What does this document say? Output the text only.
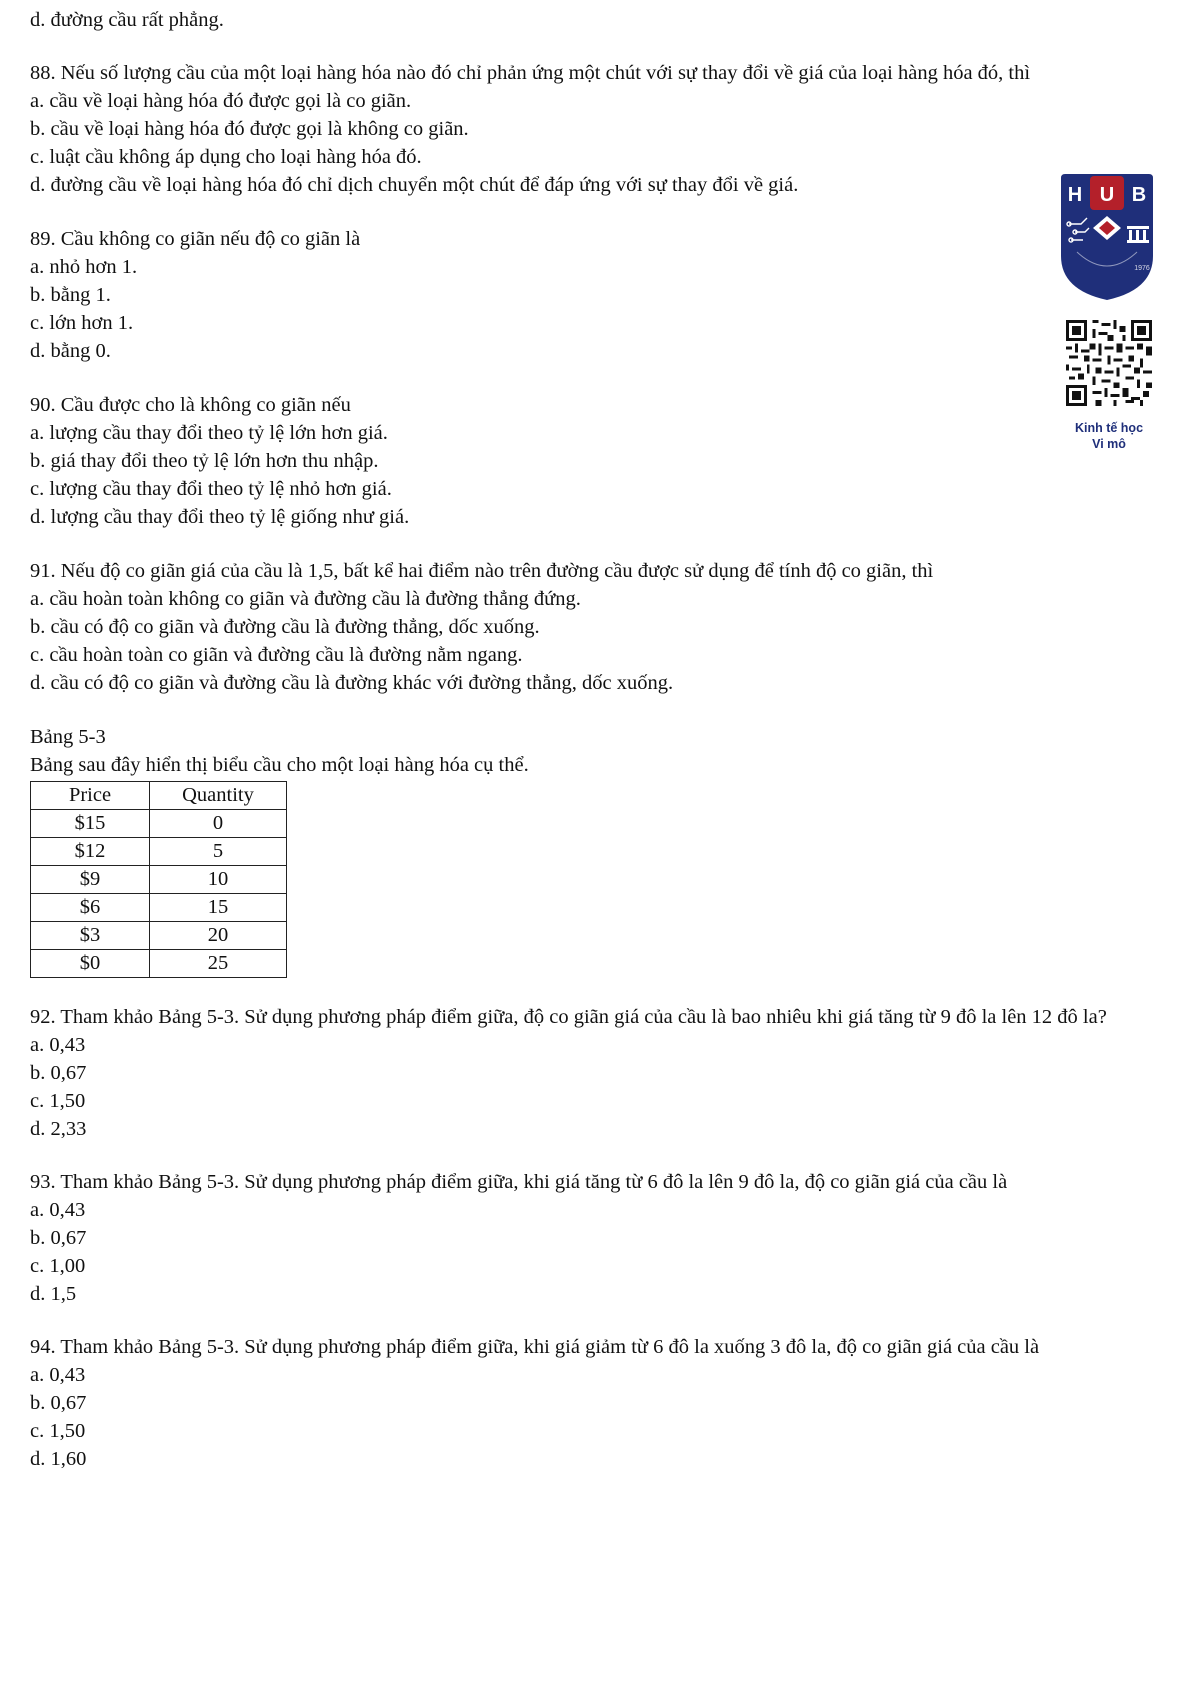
d. đường cầu rất phẳng.
88. Nếu số lượng cầu của một loại hàng hóa nào đó chỉ phản ứng một chút với sự thay đổi về giá của loại hàng hóa đó, thì
a. cầu về loại hàng hóa đó được gọi là co giãn.
b. cầu về loại hàng hóa đó được gọi là không co giãn.
c. luật cầu không áp dụng cho loại hàng hóa đó.
d. đường cầu về loại hàng hóa đó chỉ dịch chuyển một chút để đáp ứng với sự thay đổi về giá.
89. Cầu không co giãn nếu độ co giãn là
a. nhỏ hơn 1.
b. bằng 1.
c. lớn hơn 1.
d. bằng 0.
90. Cầu được cho là không co giãn nếu
a. lượng cầu thay đổi theo tỷ lệ lớn hơn giá.
b. giá thay đổi theo tỷ lệ lớn hơn thu nhập.
c. lượng cầu thay đổi theo tỷ lệ nhỏ hơn giá.
d. lượng cầu thay đổi theo tỷ lệ giống như giá.
91. Nếu độ co giãn giá của cầu là 1,5, bất kể hai điểm nào trên đường cầu được sử dụng để tính độ co giãn, thì
a. cầu hoàn toàn không co giãn và đường cầu là đường thẳng đứng.
b. cầu có độ co giãn và đường cầu là đường thẳng, dốc xuống.
c. cầu hoàn toàn co giãn và đường cầu là đường nằm ngang.
d. cầu có độ co giãn và đường cầu là đường khác với đường thẳng, dốc xuống.
Bảng 5-3
Bảng sau đây hiển thị biểu cầu cho một loại hàng hóa cụ thể.
Price	Quantity
$15	0
$12	5
$9	10
$6	15
$3	20
$0	25
92. Tham khảo Bảng 5-3. Sử dụng phương pháp điểm giữa, độ co giãn giá của cầu là bao nhiêu khi giá tăng từ 9 đô la lên 12 đô la?
a. 0,43
b. 0,67
c. 1,50
d. 2,33
93. Tham khảo Bảng 5-3. Sử dụng phương pháp điểm giữa, khi giá tăng từ 6 đô la lên 9 đô la, độ co giãn giá của cầu là
a. 0,43
b. 0,67
c. 1,00
d. 1,5
94. Tham khảo Bảng 5-3. Sử dụng phương pháp điểm giữa, khi giá giảm từ 6 đô la xuống 3 đô la, độ co giãn giá của cầu là
a. 0,43
b. 0,67
c. 1,50
d. 1,60
H U B
1976
Kinh tế học
Vi mô
